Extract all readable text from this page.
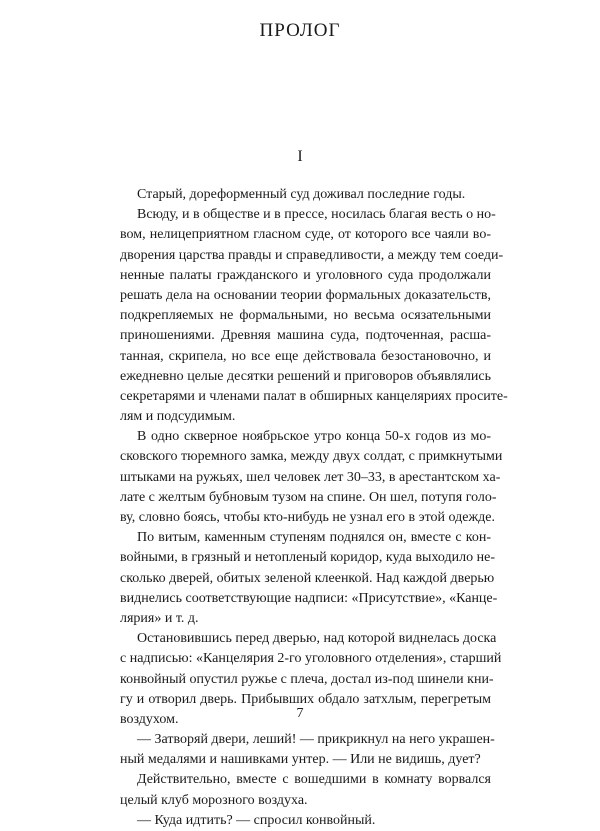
ПРОЛОГ
I
Старый, дореформенный суд доживал последние годы.
Всюду, и в обществе и в прессе, носилась благая весть о но-
вом, нелицеприятном гласном суде, от которого все чаяли во-
дворения царства правды и справедливости, а между тем соеди-
ненные палаты гражданского и уголовного суда продолжали
решать дела на основании теории формальных доказательств,
подкрепляемых не формальными, но весьма осязательными
приношениями. Древняя машина суда, подточенная, расша-
танная, скрипела, но все еще действовала безостановочно, и
ежедневно целые десятки решений и приговоров объявлялись
секретарями и членами палат в обширных канцеляриях просите-
лям и подсудимым.
В одно скверное ноябрьское утро конца 50-х годов из мо-
сковского тюремного замка, между двух солдат, с примкнутыми
штыками на ружьях, шел человек лет 30–33, в арестантском ха-
лате с желтым бубновым тузом на спине. Он шел, потупя голо-
ву, словно боясь, чтобы кто-нибудь не узнал его в этой одежде.
По витым, каменным ступеням поднялся он, вместе с кон-
войными, в грязный и нетопленый коридор, куда выходило не-
сколько дверей, обитых зеленой клеенкой. Над каждой дверью
виднелись соответствующие надписи: «Присутствие», «Канце-
лярия» и т. д.
Остановившись перед дверью, над которой виднелась доска
с надписью: «Канцелярия 2-го уголовного отделения», старший
конвойный опустил ружье с плеча, достал из-под шинели кни-
гу и отворил дверь. Прибывших обдало затхлым, перегретым
воздухом.
— Затворяй двери, леший! — прикрикнул на него украшен-
ный медалями и нашивками унтер. — Или не видишь, дует?
Действительно, вместе с вошедшими в комнату ворвался
целый клуб морозного воздуха.
— Куда идтить? — спросил конвойный.
7
